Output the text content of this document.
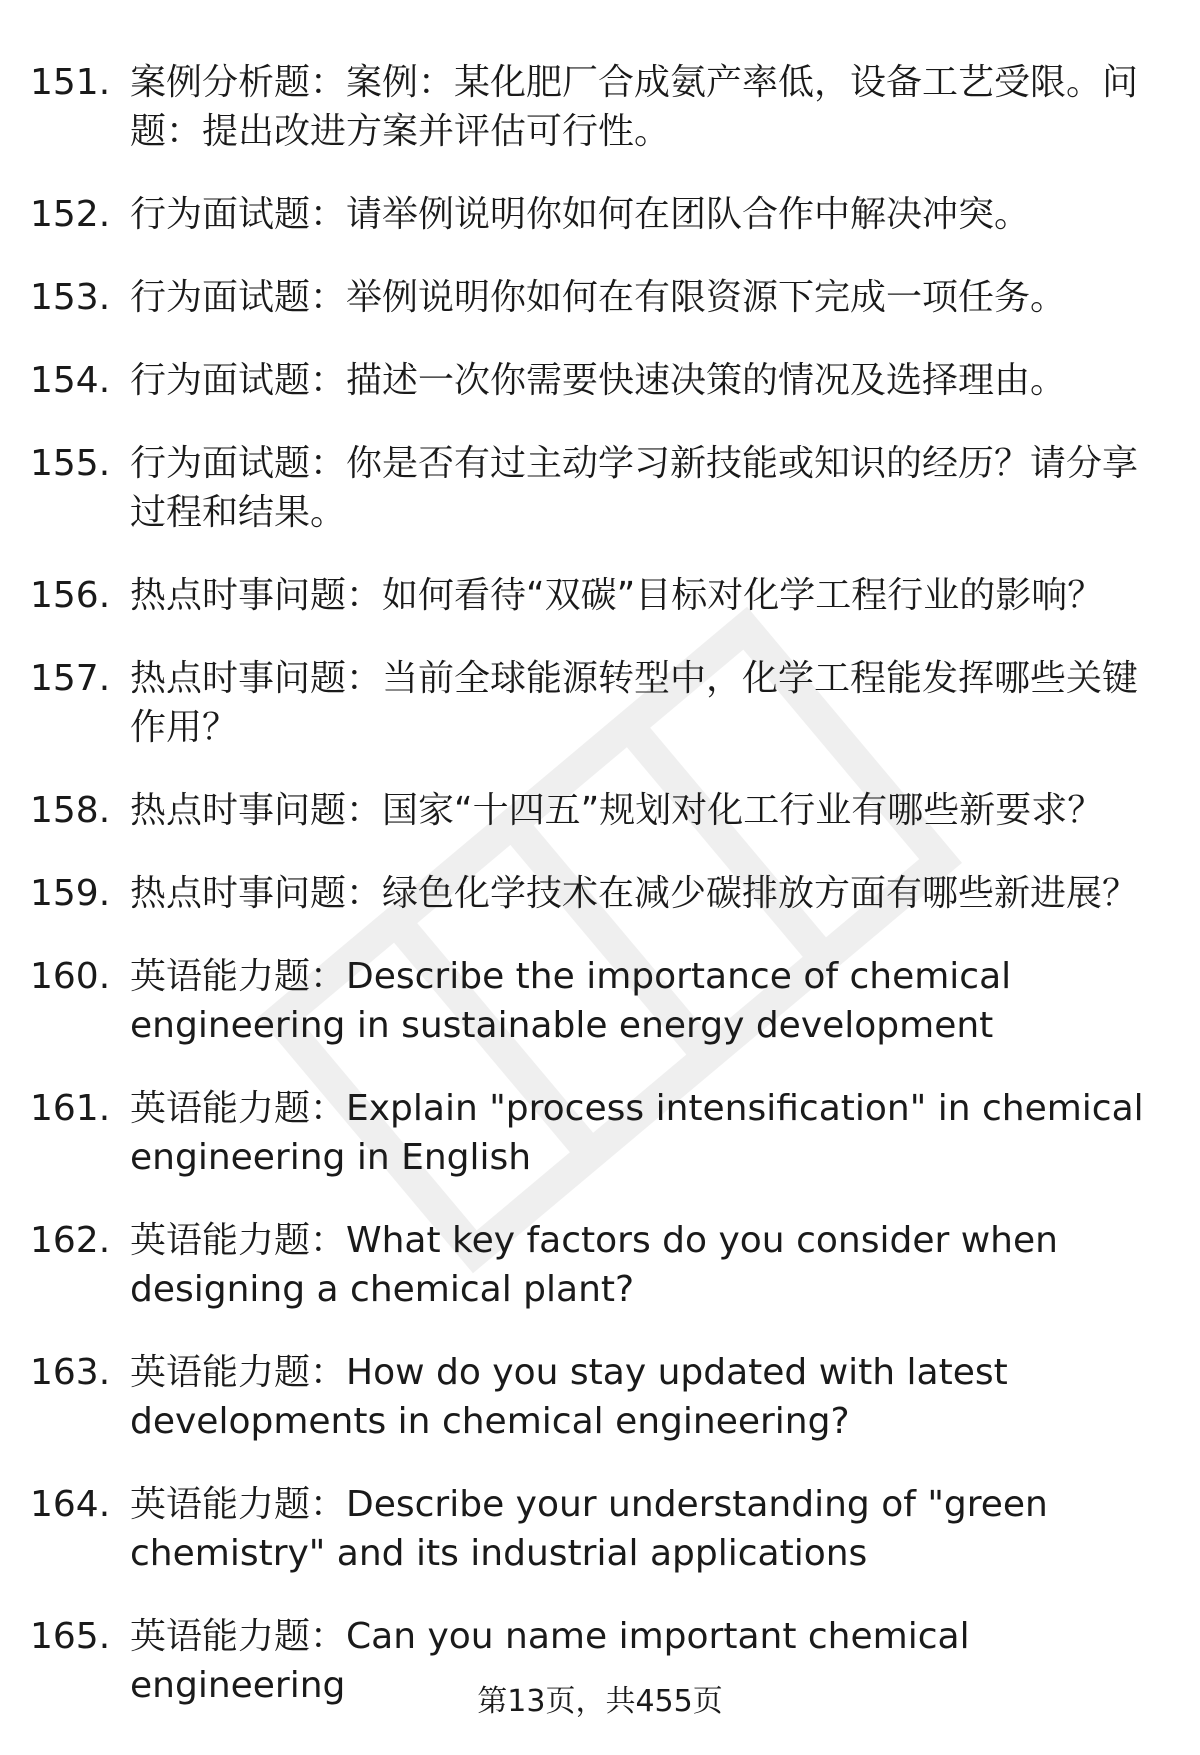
151. 案例分析题：案例：某化肥厂合成氨产率低，设备工艺受限。问题：提出改进方案并评估可行性。
152. 行为面试题：请举例说明你如何在团队合作中解决冲突。
153. 行为面试题：举例说明你如何在有限资源下完成一项任务。
154. 行为面试题：描述一次你需要快速决策的情况及选择理由。
155. 行为面试题：你是否有过主动学习新技能或知识的经历？请分享过程和结果。
156. 热点时事问题：如何看待“双碳”目标对化学工程行业的影响？
157. 热点时事问题：当前全球能源转型中，化学工程能发挥哪些关键作用？
158. 热点时事问题：国家“十四五”规划对化工行业有哪些新要求？
159. 热点时事问题：绿色化学技术在减少碳排放方面有哪些新进展？
160. 英语能力题：Describe the importance of chemical engineering in sustainable energy development
161. 英语能力题：Explain "process intensification" in chemical engineering in English
162. 英语能力题：What key factors do you consider when designing a chemical plant?
163. 英语能力题：How do you stay updated with latest developments in chemical engineering?
164. 英语能力题：Describe your understanding of "green chemistry" and its industrial applications
165. 英语能力题：Can you name important chemical engineering	第13页，共455页
